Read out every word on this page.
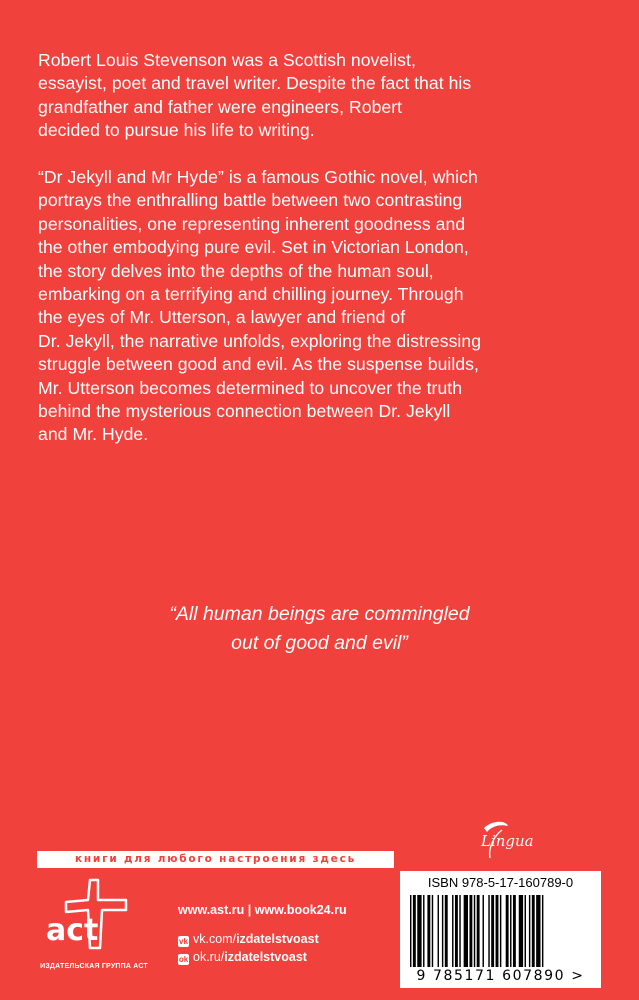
Robert Louis Stevenson was a Scottish novelist,
essayist, poet and travel writer. Despite the fact that his
grandfather and father were engineers, Robert
decided to pursue his life to writing.
“Dr Jekyll and Mr Hyde” is a famous Gothic novel, which
portrays the enthralling battle between two contrasting
personalities, one representing inherent goodness and
the other embodying pure evil. Set in Victorian London,
the story delves into the depths of the human soul,
embarking on a terrifying and chilling journey. Through
the eyes of Mr. Utterson, a lawyer and friend of
Dr. Jekyll, the narrative unfolds, exploring the distressing
struggle between good and evil. As the suspense builds,
Mr. Utterson becomes determined to uncover the truth
behind the mysterious connection between Dr. Jekyll
and Mr. Hyde.
“All human beings are commingled
out of good and evil”
Lingua
книги для любого настроения здесь
act
ИЗДАТЕЛЬСКАЯ ГРУППА АСТ
www.ast.ru | www.book24.ru
vk vk.com/izdatelstvoast
ok ok.ru/izdatelstvoast
ISBN 978-5-17-160789-0
9 785171 607890 >
